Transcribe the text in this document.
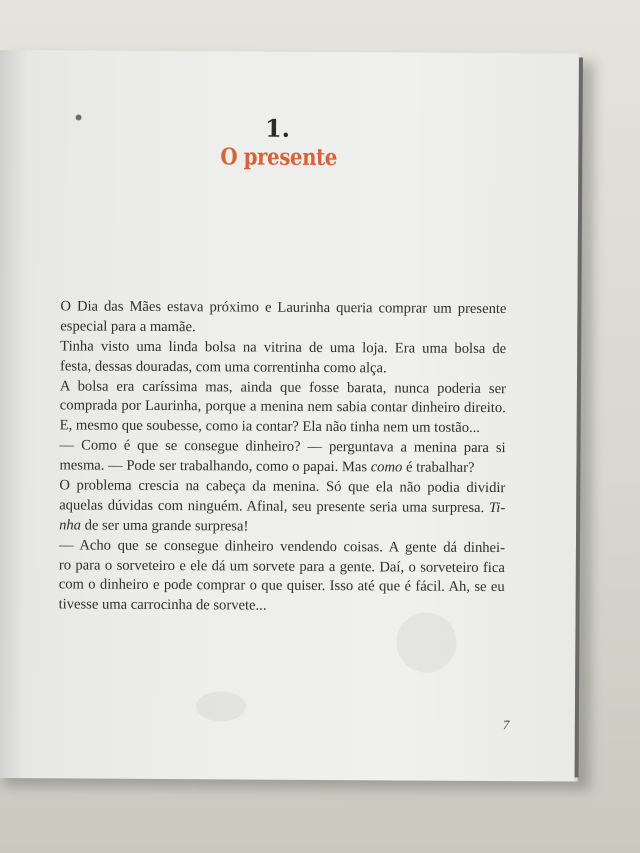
1.
O presente
O Dia das Mães estava próximo e Laurinha queria comprar um presente
especial para a mamãe.
Tinha visto uma linda bolsa na vitrina de uma loja. Era uma bolsa de
festa, dessas douradas, com uma correntinha como alça.
A bolsa era caríssima mas, ainda que fosse barata, nunca poderia ser
comprada por Laurinha, porque a menina nem sabia contar dinheiro direito.
E, mesmo que soubesse, como ia contar? Ela não tinha nem um tostão...
— Como é que se consegue dinheiro? — perguntava a menina para si
mesma. — Pode ser trabalhando, como o papai. Mas como é trabalhar?
O problema crescia na cabeça da menina. Só que ela não podia dividir
aquelas dúvidas com ninguém. Afinal, seu presente seria uma surpresa. Ti-
nha de ser uma grande surpresa!
— Acho que se consegue dinheiro vendendo coisas. A gente dá dinhei-
ro para o sorveteiro e ele dá um sorvete para a gente. Daí, o sorveteiro fica
com o dinheiro e pode comprar o que quiser. Isso até que é fácil. Ah, se eu
tivesse uma carrocinha de sorvete...
7
